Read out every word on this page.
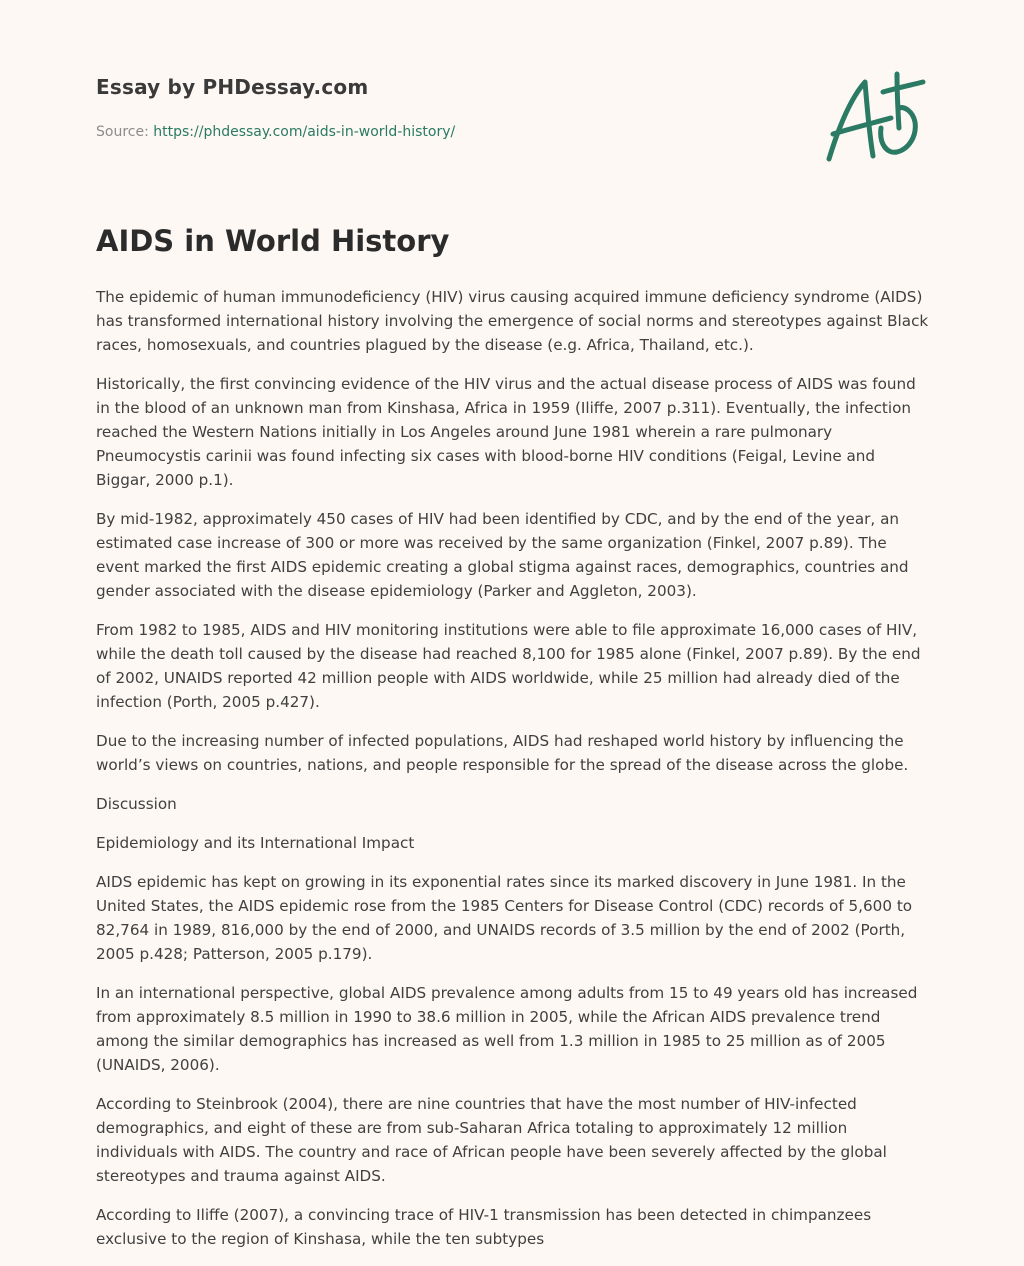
Essay by PHDessay.com
Source: https://phdessay.com/aids-in-world-history/
AIDS in World History

The epidemic of human immunodeficiency (HIV) virus causing acquired immune deficiency syndrome (AIDS) has transformed international history involving the emergence of social norms and stereotypes against Black races, homosexuals, and countries plagued by the disease (e.g. Africa, Thailand, etc.).

Historically, the first convincing evidence of the HIV virus and the actual disease process of AIDS was found in the blood of an unknown man from Kinshasa, Africa in 1959 (Iliffe, 2007 p.311). Eventually, the infection reached the Western Nations initially in Los Angeles around June 1981 wherein a rare pulmonary Pneumocystis carinii was found infecting six cases with blood-borne HIV conditions (Feigal, Levine and Biggar, 2000 p.1).

By mid-1982, approximately 450 cases of HIV had been identified by CDC, and by the end of the year, an estimated case increase of 300 or more was received by the same organization (Finkel, 2007 p.89). The event marked the first AIDS epidemic creating a global stigma against races, demographics, countries and gender associated with the disease epidemiology (Parker and Aggleton, 2003).

From 1982 to 1985, AIDS and HIV monitoring institutions were able to file approximate 16,000 cases of HIV, while the death toll caused by the disease had reached 8,100 for 1985 alone (Finkel, 2007 p.89). By the end of 2002, UNAIDS reported 42 million people with AIDS worldwide, while 25 million had already died of the infection (Porth, 2005 p.427).

Due to the increasing number of infected populations, AIDS had reshaped world history by influencing the world’s views on countries, nations, and people responsible for the spread of the disease across the globe.

Discussion

Epidemiology and its International Impact

AIDS epidemic has kept on growing in its exponential rates since its marked discovery in June 1981. In the United States, the AIDS epidemic rose from the 1985 Centers for Disease Control (CDC) records of 5,600 to 82,764 in 1989, 816,000 by the end of 2000, and UNAIDS records of 3.5 million by the end of 2002 (Porth, 2005 p.428; Patterson, 2005 p.179).

In an international perspective, global AIDS prevalence among adults from 15 to 49 years old has increased from approximately 8.5 million in 1990 to 38.6 million in 2005, while the African AIDS prevalence trend among the similar demographics has increased as well from 1.3 million in 1985 to 25 million as of 2005 (UNAIDS, 2006).

According to Steinbrook (2004), there are nine countries that have the most number of HIV-infected demographics, and eight of these are from sub-Saharan Africa totaling to approximately 12 million individuals with AIDS. The country and race of African people have been severely affected by the global stereotypes and trauma against AIDS.

According to Iliffe (2007), a convincing trace of HIV-1 transmission has been detected in chimpanzees exclusive to the region of Kinshasa, while the ten subtypes
